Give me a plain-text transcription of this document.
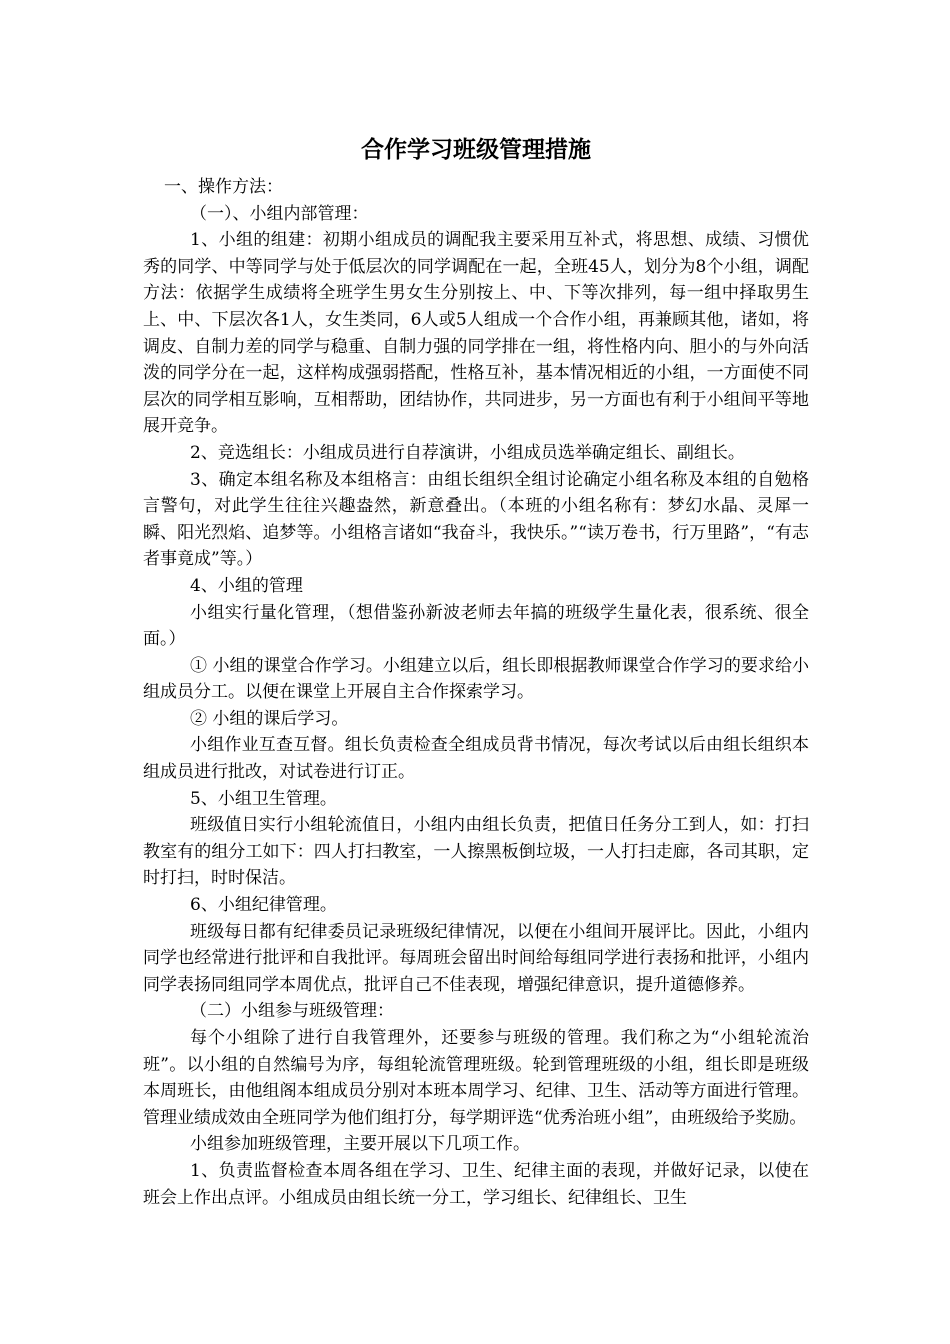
合作学习班级管理措施

一、操作方法：

（一）、小组内部管理：

1、小组的组建：初期小组成员的调配我主要采用互补式，将思想、成绩、习惯优秀的同学、中等同学与处于低层次的同学调配在一起，全班45人，划分为8个小组，调配方法：依据学生成绩将全班学生男女生分别按上、中、下等次排列，每一组中择取男生上、中、下层次各1人，女生类同，6人或5人组成一个合作小组，再兼顾其他，诸如，将调皮、自制力差的同学与稳重、自制力强的同学排在一组，将性格内向、胆小的与外向活泼的同学分在一起，这样构成强弱搭配，性格互补，基本情况相近的小组，一方面使不同层次的同学相互影响，互相帮助，团结协作，共同进步，另一方面也有利于小组间平等地展开竞争。

2、竞选组长：小组成员进行自荐演讲，小组成员选举确定组长、副组长。

3、确定本组名称及本组格言：由组长组织全组讨论确定小组名称及本组的自勉格言警句，对此学生往往兴趣盎然，新意叠出。（本班的小组名称有：梦幻水晶、灵犀一瞬、阳光烈焰、追梦等。小组格言诸如“我奋斗，我快乐。”“读万卷书，行万里路”，“有志者事竟成”等。）

4、小组的管理

小组实行量化管理，（想借鉴孙新波老师去年搞的班级学生量化表，很系统、很全面。）

① 小组的课堂合作学习。小组建立以后，组长即根据教师课堂合作学习的要求给小组成员分工。以便在课堂上开展自主合作探索学习。

② 小组的课后学习。

小组作业互查互督。组长负责检查全组成员背书情况，每次考试以后由组长组织本组成员进行批改，对试卷进行订正。

5、小组卫生管理。

班级值日实行小组轮流值日，小组内由组长负责，把值日任务分工到人，如：打扫教室有的组分工如下：四人打扫教室，一人擦黑板倒垃圾，一人打扫走廊，各司其职，定时打扫，时时保洁。

6、小组纪律管理。

班级每日都有纪律委员记录班级纪律情况，以便在小组间开展评比。因此，小组内同学也经常进行批评和自我批评。每周班会留出时间给每组同学进行表扬和批评，小组内同学表扬同组同学本周优点，批评自己不佳表现，增强纪律意识，提升道德修养。

（二）小组参与班级管理：

每个小组除了进行自我管理外，还要参与班级的管理。我们称之为“小组轮流治班”。以小组的自然编号为序，每组轮流管理班级。轮到管理班级的小组，组长即是班级本周班长，由他组阁本组成员分别对本班本周学习、纪律、卫生、活动等方面进行管理。管理业绩成效由全班同学为他们组打分，每学期评选“优秀治班小组”，由班级给予奖励。

小组参加班级管理，主要开展以下几项工作。

1、负责监督检查本周各组在学习、卫生、纪律主面的表现，并做好记录，以使在班会上作出点评。小组成员由组长统一分工，学习组长、纪律组长、卫生
